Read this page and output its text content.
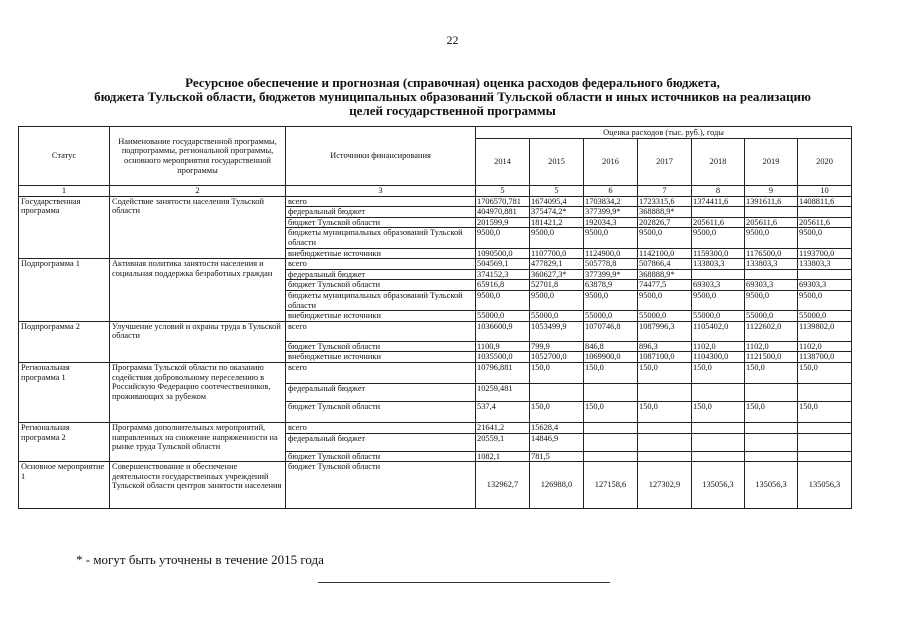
22
Ресурсное обеспечение и прогнозная (справочная) оценка расходов федерального бюджета,
бюджета Тульской области, бюджетов муниципальных образований Тульской области и иных источников на реализацию
целей государственной программы
Статус	Наименование государственной программы, подпрограммы, региональной программы, основного мероприятия государственной программы	Источники финансирования	Оценка расходов (тыс. руб.), годы						
			2014	2015	2016	2017	2018	2019	2020
1	2	3	5	5	6	7	8	9	10
Государственная программа	Содействие занятости населения Тульской области	всего	1706570,781	1674095,4	1703834,2	1723315,6	1374411,6	1391611,6	1408811,6
		федеральный бюджет	404970,881	375474,2*	377399,9*	368888,9*			
		бюджет Тульской области	201599,9	181421,2	192034,3	202826,7	205611,6	205611,6	205611,6
		бюджеты муниципальных образований Тульской области	9500,0	9500,0	9500,0	9500,0	9500,0	9500,0	9500,0
		внебюджетные источники	1090500,0	1107700,0	1124900,0	1142100,0	1159300,0	1176500,0	1193700,0
Подпрограмма 1	Активная политика занятости населения и социальная поддержка безработных граждан	всего	504569,1	477829,1	505778,8	507866,4	133803,3	133803,3	133803,3
		федеральный бюджет	374152,3	360627,3*	377399,9*	368888,9*			
		бюджет Тульской области	65916,8	52701,8	63878,9	74477,5	69303,3	69303,3	69303,3
		бюджеты муниципальных образований Тульской области	9500,0	9500,0	9500,0	9500,0	9500,0	9500,0	9500,0
		внебюджетные источники	55000,0	55000,0	55000,0	55000,0	55000,0	55000,0	55000,0
Подпрограмма 2	Улучшение условий и охраны труда в Тульской области	всего	1036600,9	1053499,9	1070746,8	1087996,3	1105402,0	1122602,0	1139802,0
		бюджет Тульской области	1100,9	799,9	846,8	896,3	1102,0	1102,0	1102,0
		внебюджетные источники	1035500,0	1052700,0	1069900,0	1087100,0	1104300,0	1121500,0	1138700,0
Региональная программа 1	Программа Тульской области по оказанию содействия добровольному переселению в Российскую Федерацию соотечественников, проживающих за рубежом	всего	10796,881	150,0	150,0	150,0	150,0	150,0	150,0
		федеральный бюджет	10259,481						
		бюджет Тульской области	537,4	150,0	150,0	150,0	150,0	150,0	150,0
Региональная программа 2	Программа дополнительных мероприятий, направленных на снижение напряженности на рынке труда Тульской области	всего	21641,2	15628,4					
		федеральный бюджет	20559,1	14846,9					
		бюджет Тульской области	1082,1	781,5					
Основное мероприятие 1	Совершенствование и обеспечение деятельности государственных учреждений Тульской области центров занятости населения	бюджет Тульской области	132962,7	126988,0	127158,6	127302,9	135056,3	135056,3	135056,3
* - могут быть уточнены в течение 2015 года
